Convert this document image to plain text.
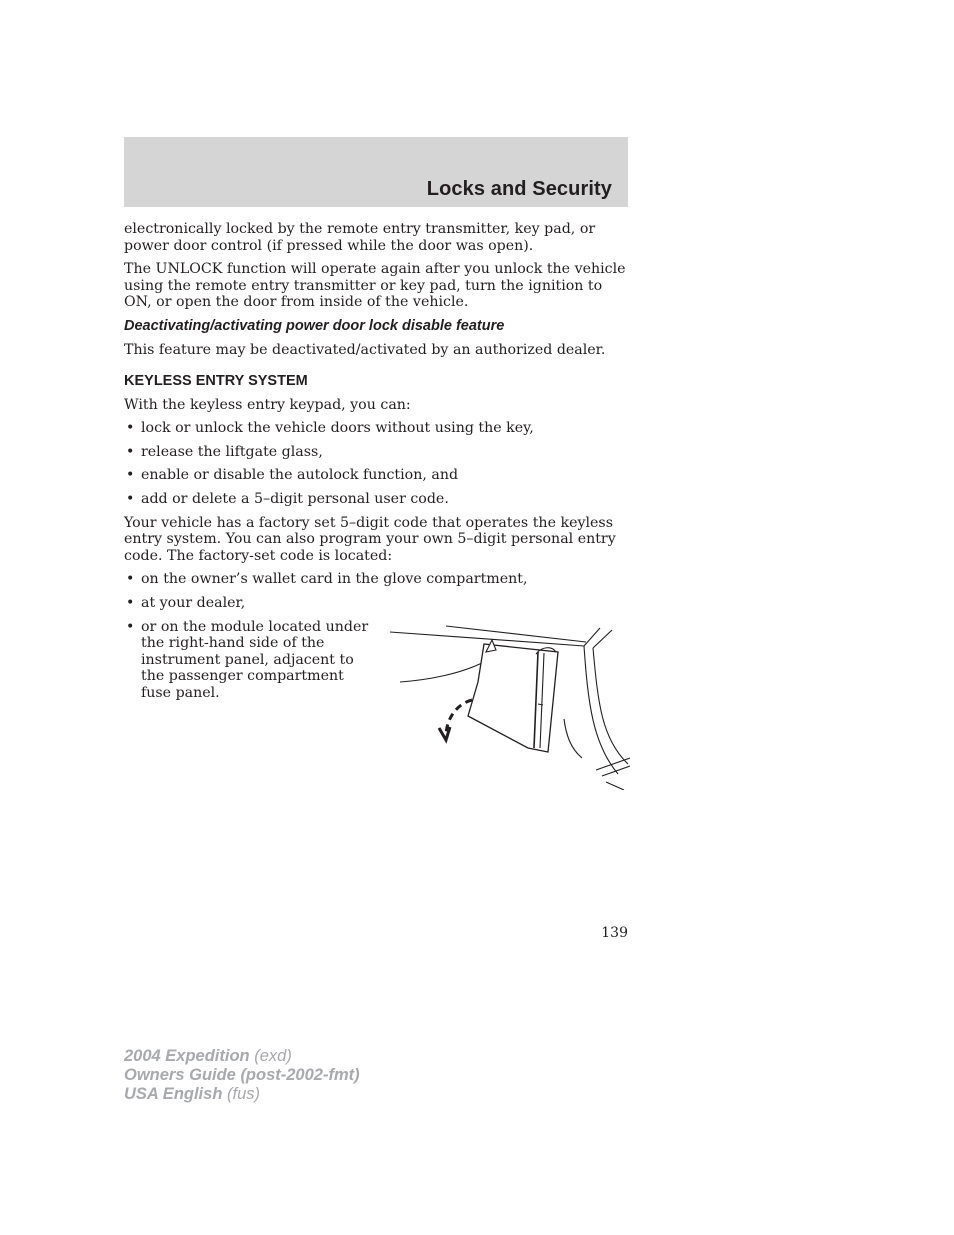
Locks and Security

electronically locked by the remote entry transmitter, key pad, or power door control (if pressed while the door was open).

The UNLOCK function will operate again after you unlock the vehicle using the remote entry transmitter or key pad, turn the ignition to ON, or open the door from inside of the vehicle.

Deactivating/activating power door lock disable feature

This feature may be deactivated/activated by an authorized dealer.

KEYLESS ENTRY SYSTEM

With the keyless entry keypad, you can:

• lock or unlock the vehicle doors without using the key,
• release the liftgate glass,
• enable or disable the autolock function, and
• add or delete a 5–digit personal user code.

Your vehicle has a factory set 5–digit code that operates the keyless entry system. You can also program your own 5–digit personal entry code. The factory-set code is located:

• on the owner’s wallet card in the glove compartment,
• at your dealer,
• or on the module located under the right-hand side of the instrument panel, adjacent to the passenger compartment fuse panel.
139
2004 Expedition (exd)
Owners Guide (post-2002-fmt)
USA English (fus)
